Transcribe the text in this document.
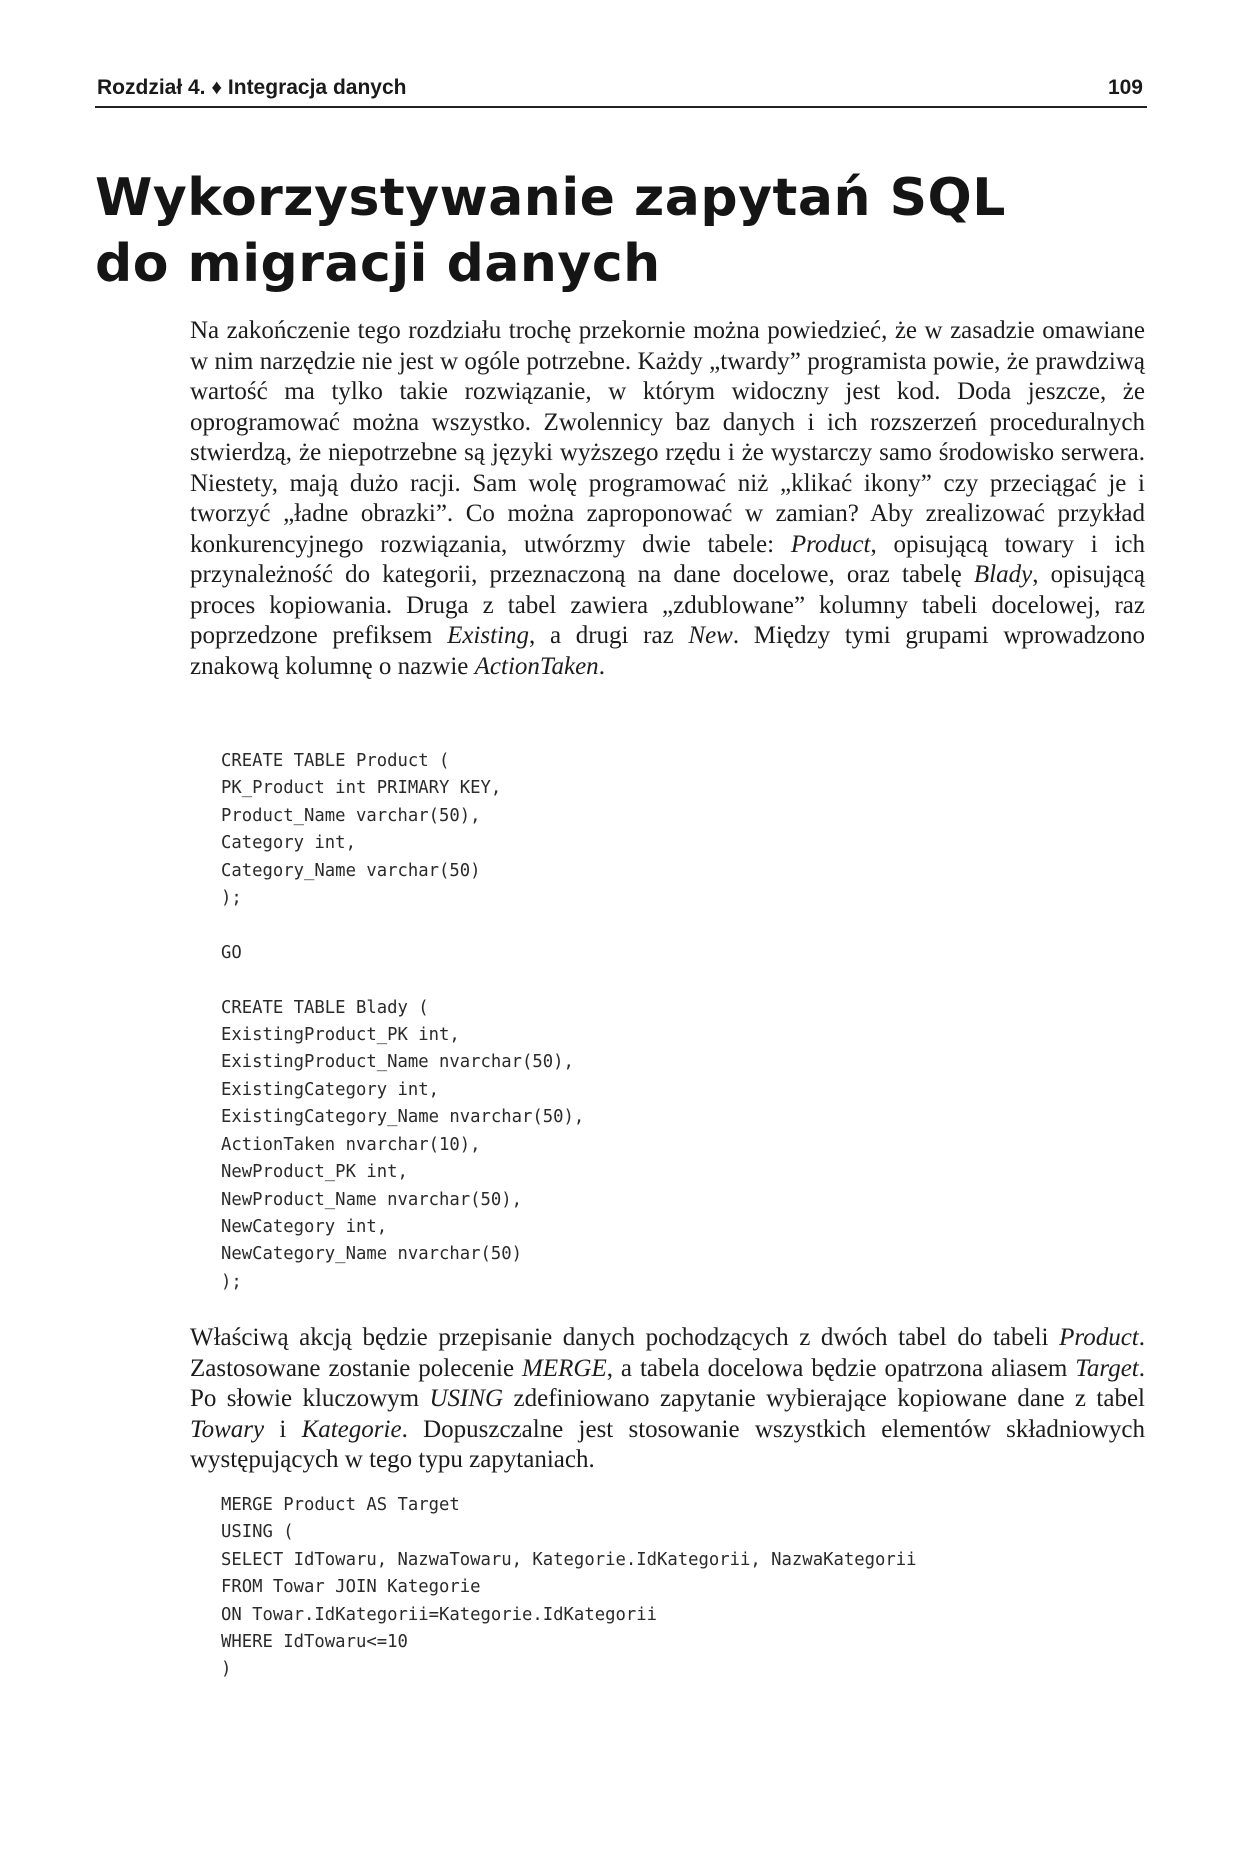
Rozdział 4. ♦ Integracja danych	109
Wykorzystywanie zapytań SQL
do migracji danych

Na zakończenie tego rozdziału trochę przekornie można powiedzieć, że w zasadzie omawiane w nim narzędzie nie jest w ogóle potrzebne. Każdy „twardy” programista powie, że prawdziwą wartość ma tylko takie rozwiązanie, w którym widoczny jest kod. Doda jeszcze, że oprogramować można wszystko. Zwolennicy baz danych i ich rozszerzeń proceduralnych stwierdzą, że niepotrzebne są języki wyższego rzędu i że wystarczy samo środowisko serwera. Niestety, mają dużo racji. Sam wolę programować niż „klikać ikony” czy przeciągać je i tworzyć „ładne obrazki”. Co można zaproponować w zamian? Aby zrealizować przykład konkurencyjnego rozwiązania, utwórzmy dwie tabele: Product, opisującą towary i ich przynależność do kategorii, przeznaczoną na dane docelowe, oraz tabelę Blady, opisującą proces kopiowania. Druga z tabel zawiera „zdublowane” kolumny tabeli docelowej, raz poprzedzone prefiksem Existing, a drugi raz New. Między tymi grupami wprowadzono znakową kolumnę o nazwie ActionTaken.

CREATE TABLE Product (
PK_Product int PRIMARY KEY,
Product_Name varchar(50),
Category int,
Category_Name varchar(50)
);

GO

CREATE TABLE Blady (
ExistingProduct_PK int,
ExistingProduct_Name nvarchar(50),
ExistingCategory int,
ExistingCategory_Name nvarchar(50),
ActionTaken nvarchar(10),
NewProduct_PK int,
NewProduct_Name nvarchar(50),
NewCategory int,
NewCategory_Name nvarchar(50)
);

Właściwą akcją będzie przepisanie danych pochodzących z dwóch tabel do tabeli Product. Zastosowane zostanie polecenie MERGE, a tabela docelowa będzie opatrzona aliasem Target. Po słowie kluczowym USING zdefiniowano zapytanie wybierające kopiowane dane z tabel Towary i Kategorie. Dopuszczalne jest stosowanie wszystkich elementów składniowych występujących w tego typu zapytaniach.

MERGE Product AS Target
USING (
SELECT IdTowaru, NazwaTowaru, Kategorie.IdKategorii, NazwaKategorii
FROM Towar JOIN Kategorie
ON Towar.IdKategorii=Kategorie.IdKategorii
WHERE IdTowaru<=10
)
